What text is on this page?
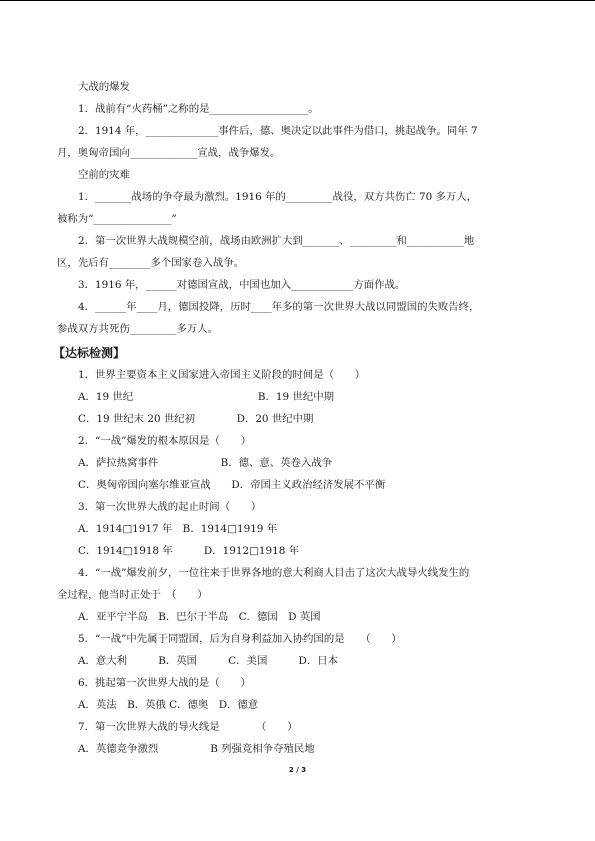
大战的爆发
1．战前有“火药桶”之称的是___________________。
2．1914 年，______________事件后，德、奥决定以此事件为借口，挑起战争。同年 7
月，奥匈帝国向_____________宣战，战争爆发。
空前的灾难
1．_______战场的争夺最为激烈。1916 年的_________战役，双方共伤亡 70 多万人，
被称为“_______________”
2．第一次世界大战规模空前，战场由欧洲扩大到_______、_________和___________地
区，先后有________多个国家卷入战争。
3．1916 年，______对德国宣战，中国也加入____________方面作战。
4．______年____月，德国投降，历时____年多的第一次世界大战以同盟国的失败告终，
参战双方共死伤_________多万人。
【达标检测】
1．世界主要资本主义国家进入帝国主义阶段的时间是（　　）
A．19 世纪　　　　　　　　　　　　B．19 世纪中期
C．19 世纪末 20 世纪初　　　　D．20 世纪中期
2．“一战”爆发的根本原因是（　　）
A．萨拉热窝事件　　　　　　B．德、意、英卷入战争
C．奥匈帝国向塞尔维亚宣战　　D．帝国主义政治经济发展不平衡
3．第一次世界大战的起止时间（　　）
A．1914□1917 年　B．1914□1919 年
C．1914□1918 年　　　D．1912□1918 年
4．“一战”爆发前夕，一位往来于世界各地的意大利商人目击了这次大战导火线发生的
全过程，他当时正处于　（　　）
A．亚平宁半岛　B．巴尔干半岛　C．德国　D 英国
5．“一战”中先属于同盟国，后为自身利益加入协约国的是　　（　　）
A．意大利　　　B．英国　　　C．美国　　　D．日本
6．挑起第一次世界大战的是（　　）
A．英法　B．英俄 C．德奥　D．德意
7．第一次世界大战的导火线是　　　　（　　）
A．英德竞争激烈　　　　　B 列强竞相争夺殖民地
2 / 3
